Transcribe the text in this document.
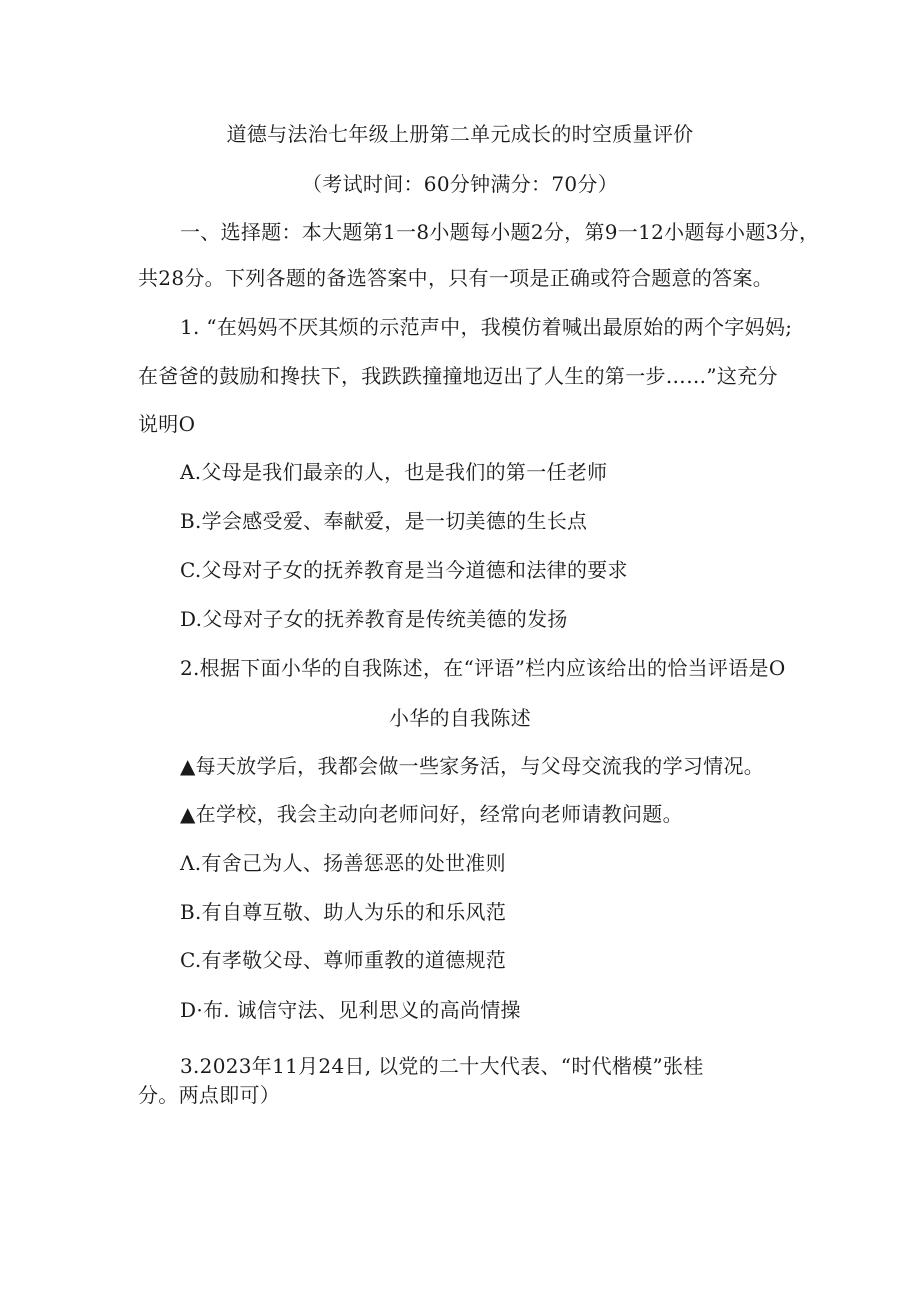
道德与法治七年级上册第二单元成长的时空质量评价
（考试时间：60分钟满分：70分）
一、选择题：本大题第1一8小题每小题2分，第9一12小题每小题3分，
共28分。下列各题的备选答案中，只有一项是正确或符合题意的答案。
1. “在妈妈不厌其烦的示范声中，我模仿着喊出最原始的两个字妈妈;
在爸爸的鼓励和搀扶下，我跌跌撞撞地迈出了人生的第一步……”这充分
说明O
A.父母是我们最亲的人，也是我们的第一任老师
B.学会感受爱、奉献爱，是一切美德的生长点
C.父母对子女的抚养教育是当今道德和法律的要求
D.父母对子女的抚养教育是传统美德的发扬
2.根据下面小华的自我陈述，在“评语”栏内应该给出的恰当评语是O
小华的自我陈述
▲每天放学后，我都会做一些家务活，与父母交流我的学习情况。
▲在学校，我会主动向老师问好，经常向老师请教问题。
Λ.有舍己为人、扬善惩恶的处世准则
B.有自尊互敬、助人为乐的和乐风范
C.有孝敬父母、尊师重教的道德规范
D·布. 诚信守法、见利思义的高尚情操
3.2023年11月24日, 以党的二十大代表、“时代楷模”张桂
分。两点即可）
